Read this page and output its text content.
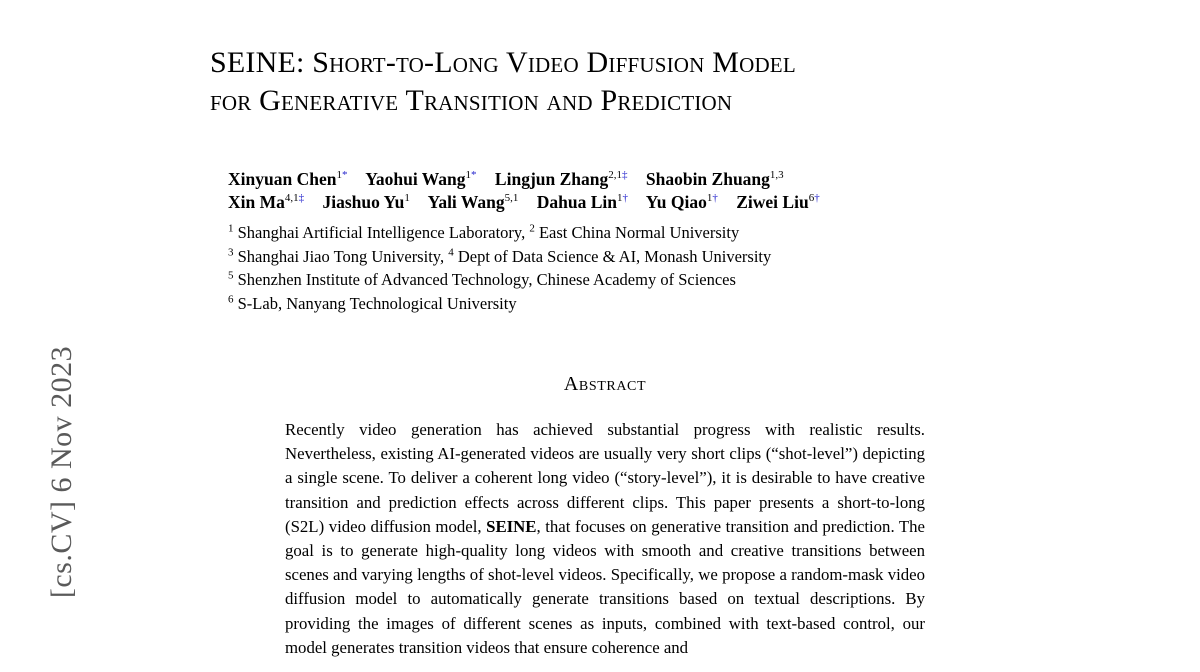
[cs.CV] 6 Nov 2023
SEINE: Short-to-Long Video Diffusion Model
for Generative Transition and Prediction
Xinyuan Chen$^{1*}$ Yaohui Wang$^{1*}$ Lingjun Zhang$^{2,1\ddagger}$ Shaobin Zhuang$^{1,3}$
Xin $Ma^{4,1\ddagger}$ Jiashuo Yu$^1$ Yali Wang$^{5,1}$ Dahua Lin$^{1\dagger}$ Yu Qiao$^{1\dagger}$ Ziwei Liu$^{6\dagger}$
$^1$ Shanghai Artificial Intelligence Laboratory, $^2$ East China Normal University
$^3$ Shanghai Jiao Tong University, $^4$ Dept of Data Science & AI, Monash University
$^5$ Shenzhen Institute of Advanced Technology, Chinese Academy of Sciences
$^6$ S-Lab, Nanyang Technological University
Abstract
Recently video generation has achieved substantial progress with realistic results. Nevertheless, existing AI-generated videos are usually very short clips (“shot-level”) depicting a single scene. To deliver a coherent long video (“story-level”), it is desirable to have creative transition and prediction effects across different clips. This paper presents a short-to-long (S2L) video diffusion model, SEINE, that focuses on generative transition and prediction. The goal is to generate high-quality long videos with smooth and creative transitions between scenes and varying lengths of shot-level videos. Specifically, we propose a random-mask video diffusion model to automatically generate transitions based on textual descriptions. By providing the images of different scenes as inputs, combined with text-based control, our model generates transition videos that ensure coherence and
